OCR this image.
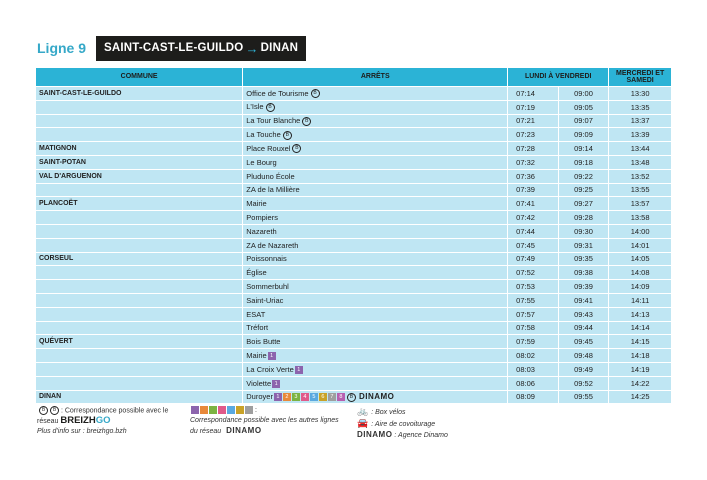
Ligne 9 SAINT-CAST-LE-GUILDO → DINAN
COMMUNE	ARRÊTS	LUNDI À VENDREDI		MERCREDI ET SAMEDI
SAINT-CAST-LE-GUILDO	Office de Tourisme B	07:14	09:00	13:30
	L'Isle B	07:19	09:05	13:35
	La Tour Blanche B	07:21	09:07	13:37
	La Touche B	07:23	09:09	13:39
MATIGNON	Place Rouxel B	07:28	09:14	13:44
SAINT-POTAN	Le Bourg	07:32	09:18	13:48
VAL D'ARGUENON	Pluduno École	07:36	09:22	13:52
	ZA de la Millière	07:39	09:25	13:55
PLANCOËT	Mairie	07:41	09:27	13:57
	Pompiers	07:42	09:28	13:58
	Nazareth	07:44	09:30	14:00
	ZA de Nazareth	07:45	09:31	14:01
CORSEUL	Poissonnais	07:49	09:35	14:05
	Église	07:52	09:38	14:08
	Sommerbuhl	07:53	09:39	14:09
	Saint-Uriac	07:55	09:41	14:11
	ESAT	07:57	09:43	14:13
	Tréfort	07:58	09:44	14:14
QUÉVERT	Bois Butte	07:59	09:45	14:15
	Mairie 1	08:02	09:48	14:18
	La Croix Verte 1	08:03	09:49	14:19
	Violette 1	08:06	09:52	14:22
DINAN	Duroyer 1 2 3 4 5 6 7 8 B DINAMO	08:09	09:55	14:25
B B : Correspondance possible avec le réseau BREIZHGO
Plus d'info sur : breizhgo.bzh
:
Correspondance possible avec les autres lignes du réseau DINAMO
🚲 : Box vélos
🚘 : Aire de covoiturage
DINAMO : Agence Dinamo
